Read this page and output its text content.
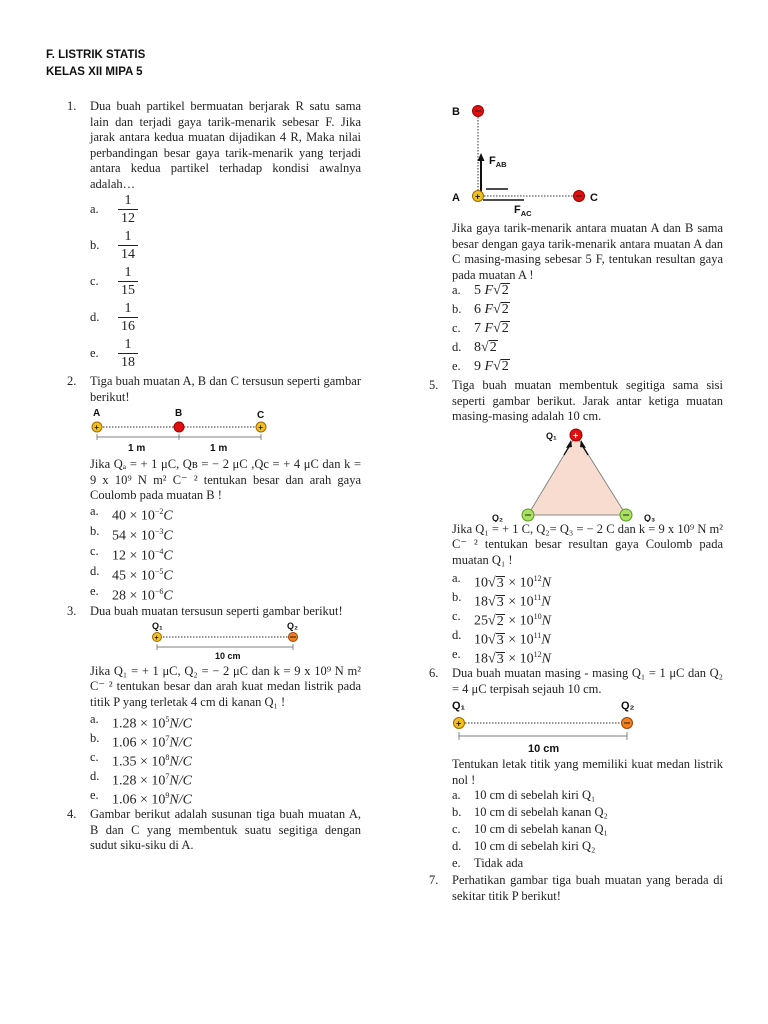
F. LISTRIK STATIS
KELAS XII MIPA 5
1. Dua buah partikel bermuatan berjarak R satu sama lain dan terjadi gaya tarik-menarik sebesar F. Jika jarak antara kedua muatan dijadikan 4 R, Maka nilai perbandingan besar gaya tarik-menarik yang terjadi antara kedua partikel terhadap kondisi awalnya adalah…
a. $\frac{1}{12}$
b. $\frac{1}{14}$
c. $\frac{1}{15}$
d. $\frac{1}{16}$
e. $\frac{1}{18}$
2. Tiga buah muatan A, B dan C tersusun seperti gambar berikut!
A	B	C
+	+
1 m	1 m
Jika Qₐ = + 1 μC, Qʙ = − 2 μC ,Qc = + 4 μC dan k = 9 x 10⁹ N m² C⁻ ² tentukan besar dan arah gaya Coulomb pada muatan B !
a. $40 \times 10^{-2}C$
b. $54 \times 10^{-3}C$
c. $12 \times 10^{-4}C$
d. $45 \times 10^{-5}C$
e. $28 \times 10^{-6}C$
3. Dua buah muatan tersusun seperti gambar berikut!
Q₁	Q₂
+
10 cm
Jika Q₁ = + 1 μC, Q₂ = − 2 μC dan k = 9 x 10⁹ N m² C⁻ ² tentukan besar dan arah kuat medan listrik pada titik P yang terletak 4 cm di kanan Q₁ !
a. $1.28 \times 10^5N/C$
b. $1.06 \times 10^7N/C$
c. $1.35 \times 10^8N/C$
d. $1.28 \times 10^7N/C$
e. $1.06 \times 10^9N/C$
4. Gambar berikut adalah susunan tiga buah muatan A, B dan C yang membentuk suatu segitiga dengan sudut siku-siku di A.
B
A	C
+
$F_{AB}$
$F_{AC}$
Jika gaya tarik-menarik antara muatan A dan B sama besar dengan gaya tarik-menarik antara muatan A dan C masing-masing sebesar 5 F, tentukan resultan gaya pada muatan A !
a. 5 F√2
b. 6 F√2
c. 7 F√2
d. 8√2
e. 9 F√2
5. Tiga buah muatan membentuk segitiga sama sisi seperti gambar berikut. Jarak antar ketiga muatan masing-masing adalah 10 cm.
Q₁
Q₂	Q₃
+
Jika Q₁ = + 1 C, Q₂= Q₃ = − 2 C dan k = 9 x 10⁹ N m² C⁻ ² tentukan besar resultan gaya Coulomb pada muatan Q₁ !
a. $10√3 \times 10^{12}N$
b. $18√3 \times 10^{11}N$
c. $25√2 \times 10^{10}N$
d. $10√3 \times 10^{11}N$
e. $18√3 \times 10^{12}N$
6. Dua buah muatan masing - masing Q₁ = 1 μC dan Q₂ = 4 μC terpisah sejauh 10 cm.
Q₁	Q₂
+
10 cm
Tentukan letak titik yang memiliki kuat medan listrik nol !
a. 10 cm di sebelah kiri Q₁
b. 10 cm di sebelah kanan Q₂
c. 10 cm di sebelah kanan Q₁
d. 10 cm di sebelah kiri Q₂
e. Tidak ada
7. Perhatikan gambar tiga buah muatan yang berada di sekitar titik P berikut!
